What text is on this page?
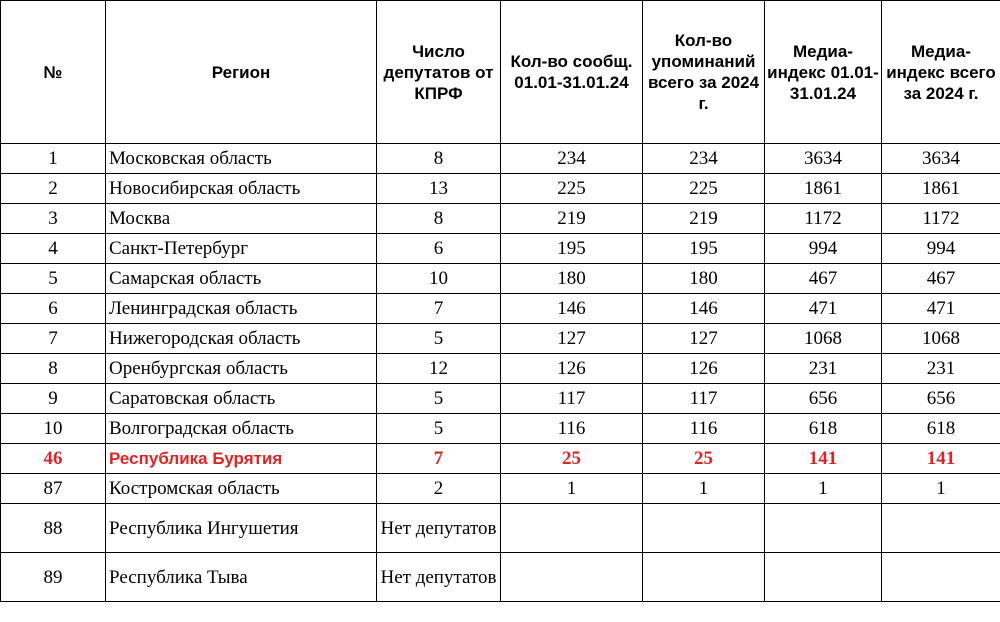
№	Регион	Число депутатов от КПРФ	Кол-во сообщ. 01.01-31.01.24	Кол-во упоминаний всего за 2024 г.	Медиа-индекс 01.01-31.01.24	Медиа-индекс всего за 2024 г.
1	Московская область	8	234	234	3634	3634
2	Новосибирская область	13	225	225	1861	1861
3	Москва	8	219	219	1172	1172
4	Санкт-Петербург	6	195	195	994	994
5	Самарская область	10	180	180	467	467
6	Ленинградская область	7	146	146	471	471
7	Нижегородская область	5	127	127	1068	1068
8	Оренбургская область	12	126	126	231	231
9	Саратовская область	5	117	117	656	656
10	Волгоградская область	5	116	116	618	618
46	Республика Бурятия	7	25	25	141	141
87	Костромская область	2	1	1	1	1
88	Республика Ингушетия	Нет депутатов				
89	Республика Тыва	Нет депутатов				
